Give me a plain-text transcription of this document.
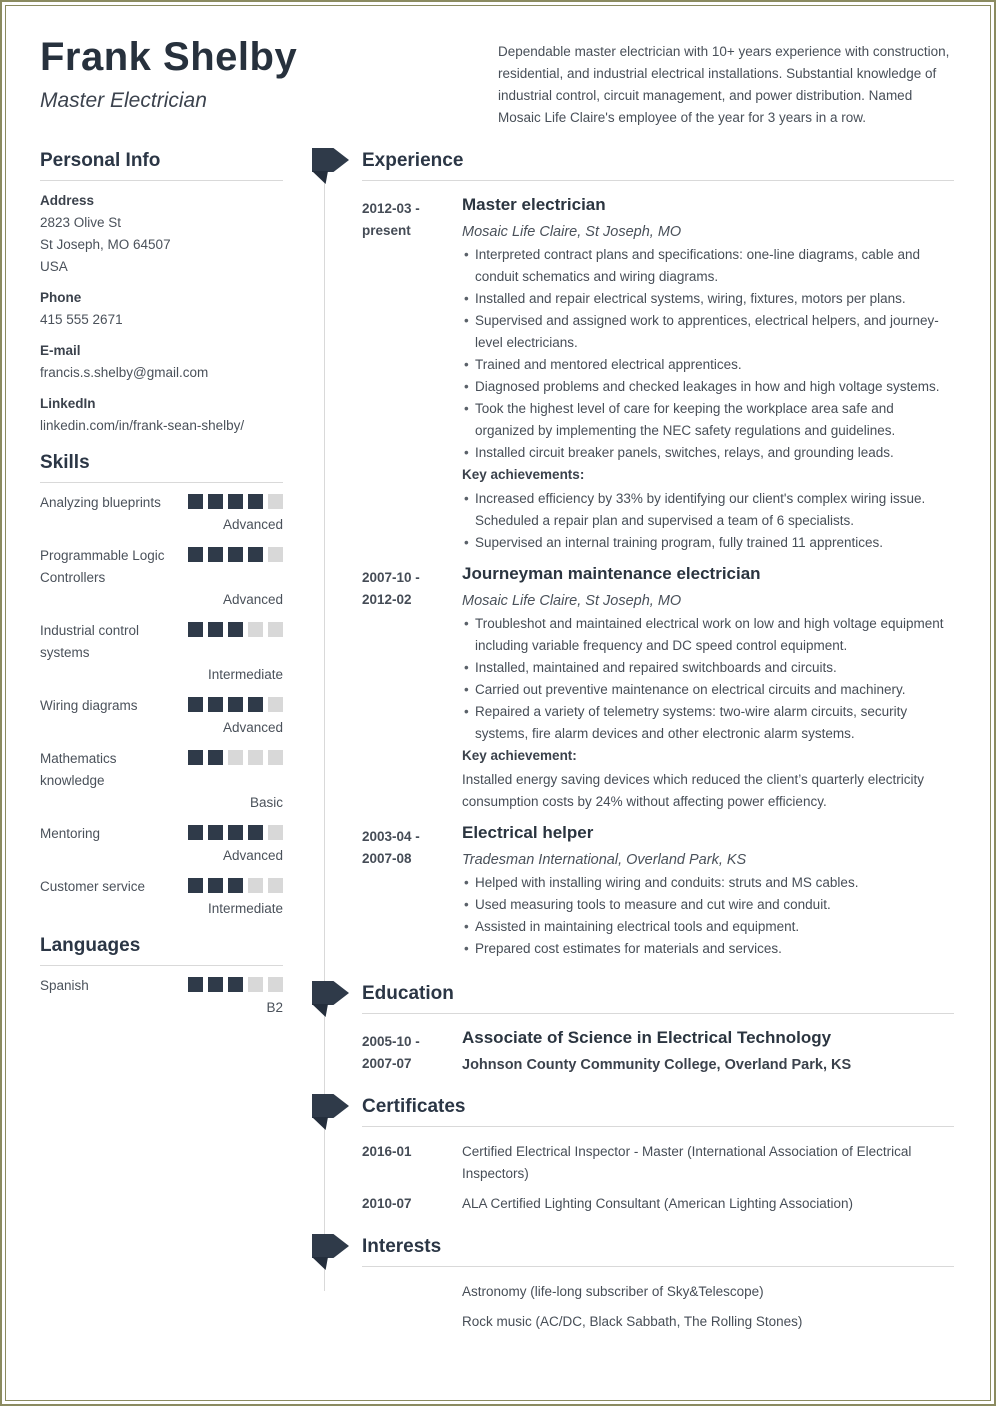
Frank Shelby
Master Electrician
Dependable master electrician with 10+ years experience with construction, residential, and industrial electrical installations. Substantial knowledge of industrial control, circuit management, and power distribution. Named Mosaic Life Claire's employee of the year for 3 years in a row.
Personal Info
Address
2823 Olive St
St Joseph, MO 64507
USA
Phone
415 555 2671
E-mail
francis.s.shelby@gmail.com
LinkedIn
linkedin.com/in/frank-sean-shelby/
Skills
Analyzing blueprints
Advanced
Programmable Logic Controllers
Advanced
Industrial control systems
Intermediate
Wiring diagrams
Advanced
Mathematics knowledge
Basic
Mentoring
Advanced
Customer service
Intermediate
Languages
Spanish
B2
Experience
2012-03 -
present
Master electrician
Mosaic Life Claire, St Joseph, MO
• Interpreted contract plans and specifications: one-line diagrams, cable and conduit schematics and wiring diagrams.
• Installed and repair electrical systems, wiring, fixtures, motors per plans.
• Supervised and assigned work to apprentices, electrical helpers, and journey-level electricians.
• Trained and mentored electrical apprentices.
• Diagnosed problems and checked leakages in how and high voltage systems.
• Took the highest level of care for keeping the workplace area safe and organized by implementing the NEC safety regulations and guidelines.
• Installed circuit breaker panels, switches, relays, and grounding leads.
Key achievements:
• Increased efficiency by 33% by identifying our client's complex wiring issue. Scheduled a repair plan and supervised a team of 6 specialists.
• Supervised an internal training program, fully trained 11 apprentices.
2007-10 -
2012-02
Journeyman maintenance electrician
Mosaic Life Claire, St Joseph, MO
• Troubleshot and maintained electrical work on low and high voltage equipment including variable frequency and DC speed control equipment.
• Installed, maintained and repaired switchboards and circuits.
• Carried out preventive maintenance on electrical circuits and machinery.
• Repaired a variety of telemetry systems: two-wire alarm circuits, security systems, fire alarm devices and other electronic alarm systems.
Key achievement:

Installed energy saving devices which reduced the client’s quarterly electricity consumption costs by 24% without affecting power efficiency.

2003-04 -
2007-08
Electrical helper
Tradesman International, Overland Park, KS
• Helped with installing wiring and conduits: struts and MS cables.
• Used measuring tools to measure and cut wire and conduit.
• Assisted in maintaining electrical tools and equipment.
• Prepared cost estimates for materials and services.
Education
2005-10 -
2007-07
Associate of Science in Electrical Technology
Johnson County Community College, Overland Park, KS
Certificates
2016-01	Certified Electrical Inspector - Master (International Association of Electrical Inspectors)
2010-07	ALA Certified Lighting Consultant (American Lighting Association)
Interests
Astronomy (life-long subscriber of Sky&Telescope)
Rock music (AC/DC, Black Sabbath, The Rolling Stones)
